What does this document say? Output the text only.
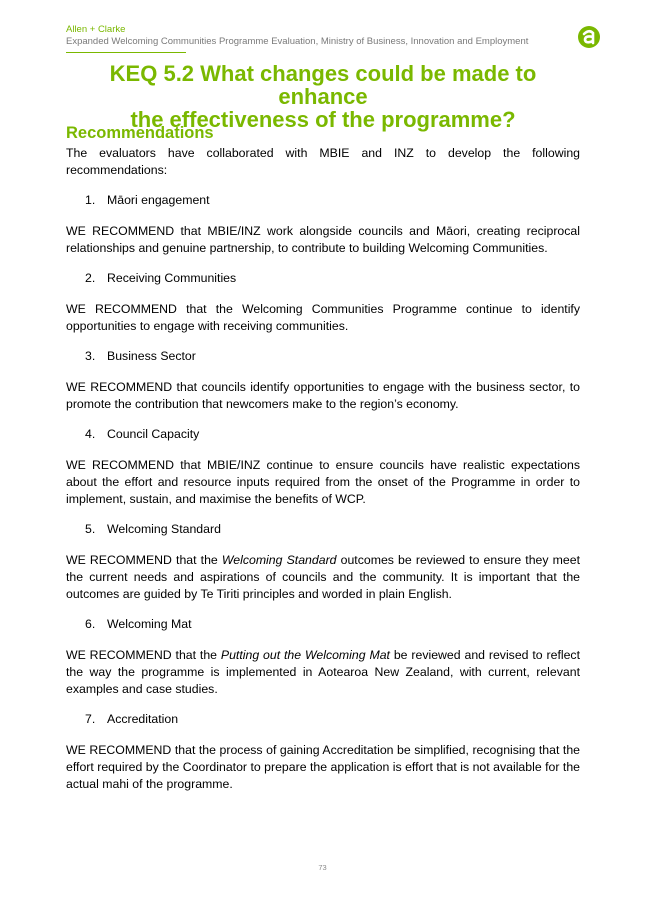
Allen + Clarke
Expanded Welcoming Communities Programme Evaluation, Ministry of Business, Innovation and Employment
KEQ 5.2 What changes could be made to enhance
the effectiveness of the programme?
Recommendations

The evaluators have collaborated with MBIE and INZ to develop the following recommendations:

1. Māori engagement

WE RECOMMEND that MBIE/INZ work alongside councils and Māori, creating reciprocal relationships and genuine partnership, to contribute to building Welcoming Communities.

2. Receiving Communities

WE RECOMMEND that the Welcoming Communities Programme continue to identify opportunities to engage with receiving communities.

3. Business Sector

WE RECOMMEND that councils identify opportunities to engage with the business sector, to promote the contribution that newcomers make to the region’s economy.

4. Council Capacity

WE RECOMMEND that MBIE/INZ continue to ensure councils have realistic expectations about the effort and resource inputs required from the onset of the Programme in order to implement, sustain, and maximise the benefits of WCP.

5. Welcoming Standard

WE RECOMMEND that the Welcoming Standard outcomes be reviewed to ensure they meet the current needs and aspirations of councils and the community. It is important that the outcomes are guided by Te Tiriti principles and worded in plain English.

6. Welcoming Mat

WE RECOMMEND that the Putting out the Welcoming Mat be reviewed and revised to reflect the way the programme is implemented in Aotearoa New Zealand, with current, relevant examples and case studies.

7. Accreditation

WE RECOMMEND that the process of gaining Accreditation be simplified, recognising that the effort required by the Coordinator to prepare the application is effort that is not available for the actual mahi of the programme.

73
